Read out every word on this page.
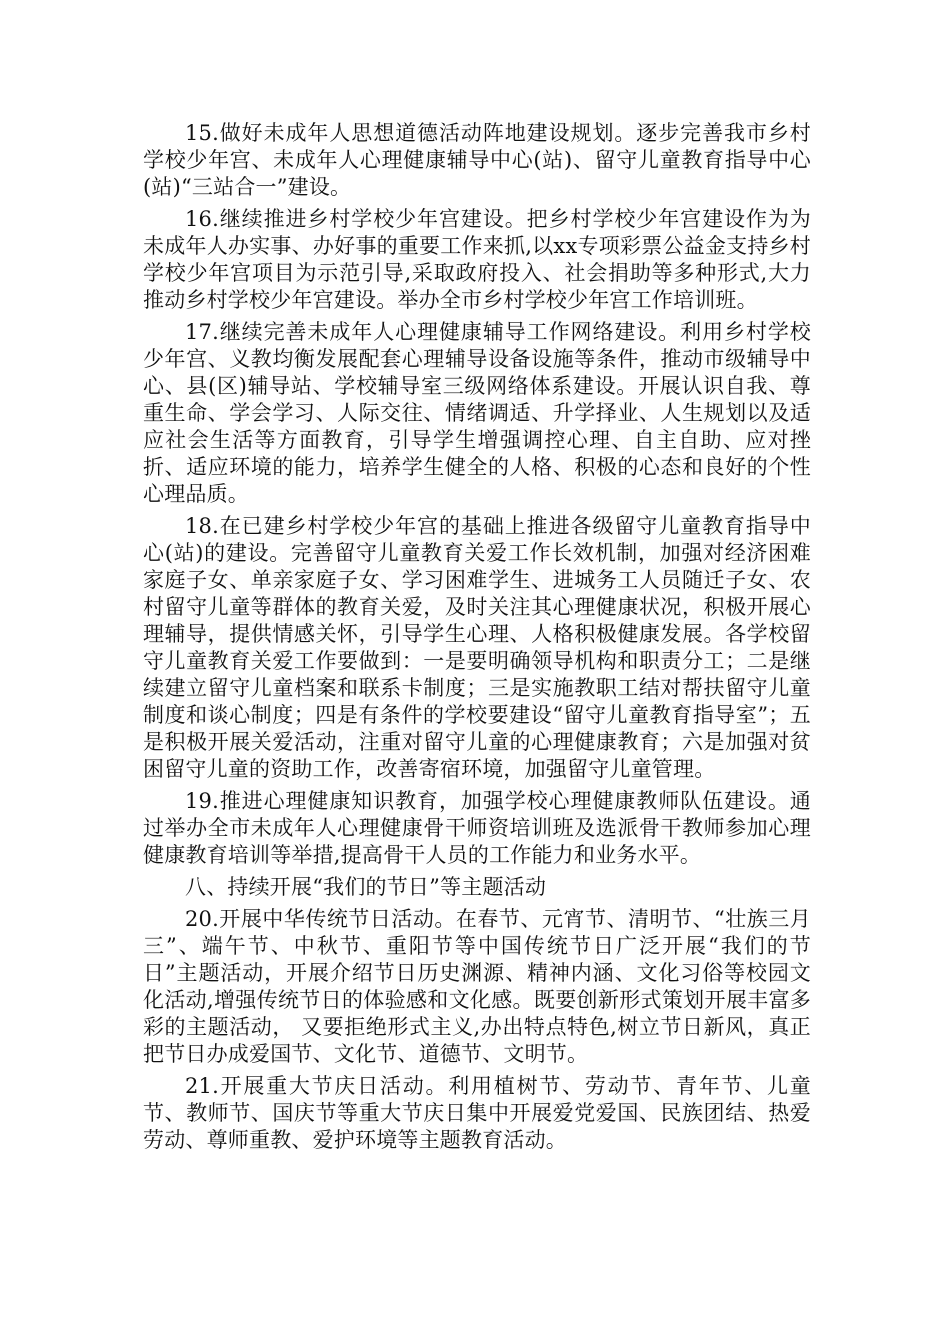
15.做好未成年人思想道德活动阵地建设规划。逐步完善我市乡村学校少年宫、未成年人心理健康辅导中心(站)、留守儿童教育指导中心(站)“三站合一”建设。

16.继续推进乡村学校少年宫建设。把乡村学校少年宫建设作为为未成年人办实事、办好事的重要工作来抓,以xx专项彩票公益金支持乡村学校少年宫项目为示范引导,采取政府投入、社会捐助等多种形式,大力推动乡村学校少年宫建设。举办全市乡村学校少年宫工作培训班。

17.继续完善未成年人心理健康辅导工作网络建设。利用乡村学校少年宫、义教均衡发展配套心理辅导设备设施等条件，推动市级辅导中心、县(区)辅导站、学校辅导室三级网络体系建设。开展认识自我、尊重生命、学会学习、人际交往、情绪调适、升学择业、人生规划以及适应社会生活等方面教育，引导学生增强调控心理、自主自助、应对挫折、适应环境的能力，培养学生健全的人格、积极的心态和良好的个性心理品质。

18.在已建乡村学校少年宫的基础上推进各级留守儿童教育指导中心(站)的建设。完善留守儿童教育关爱工作长效机制，加强对经济困难家庭子女、单亲家庭子女、学习困难学生、进城务工人员随迁子女、农村留守儿童等群体的教育关爱，及时关注其心理健康状况，积极开展心理辅导，提供情感关怀，引导学生心理、人格积极健康发展。各学校留守儿童教育关爱工作要做到：一是要明确领导机构和职责分工；二是继续建立留守儿童档案和联系卡制度；三是实施教职工结对帮扶留守儿童制度和谈心制度；四是有条件的学校要建设“留守儿童教育指导室”；五是积极开展关爱活动，注重对留守儿童的心理健康教育；六是加强对贫困留守儿童的资助工作，改善寄宿环境，加强留守儿童管理。

19.推进心理健康知识教育，加强学校心理健康教师队伍建设。通过举办全市未成年人心理健康骨干师资培训班及选派骨干教师参加心理健康教育培训等举措,提高骨干人员的工作能力和业务水平。

八、持续开展“我们的节日”等主题活动

20.开展中华传统节日活动。在春节、元宵节、清明节、“壮族三月三”、端午节、中秋节、重阳节等中国传统节日广泛开展“我们的节日”主题活动，开展介绍节日历史渊源、精神内涵、文化习俗等校园文化活动,增强传统节日的体验感和文化感。既要创新形式策划开展丰富多彩的主题活动， 又要拒绝形式主义,办出特点特色,树立节日新风，真正把节日办成爱国节、文化节、道德节、文明节。

21.开展重大节庆日活动。利用植树节、劳动节、青年节、儿童节、教师节、国庆节等重大节庆日集中开展爱党爱国、民族团结、热爱劳动、尊师重教、爱护环境等主题教育活动。
